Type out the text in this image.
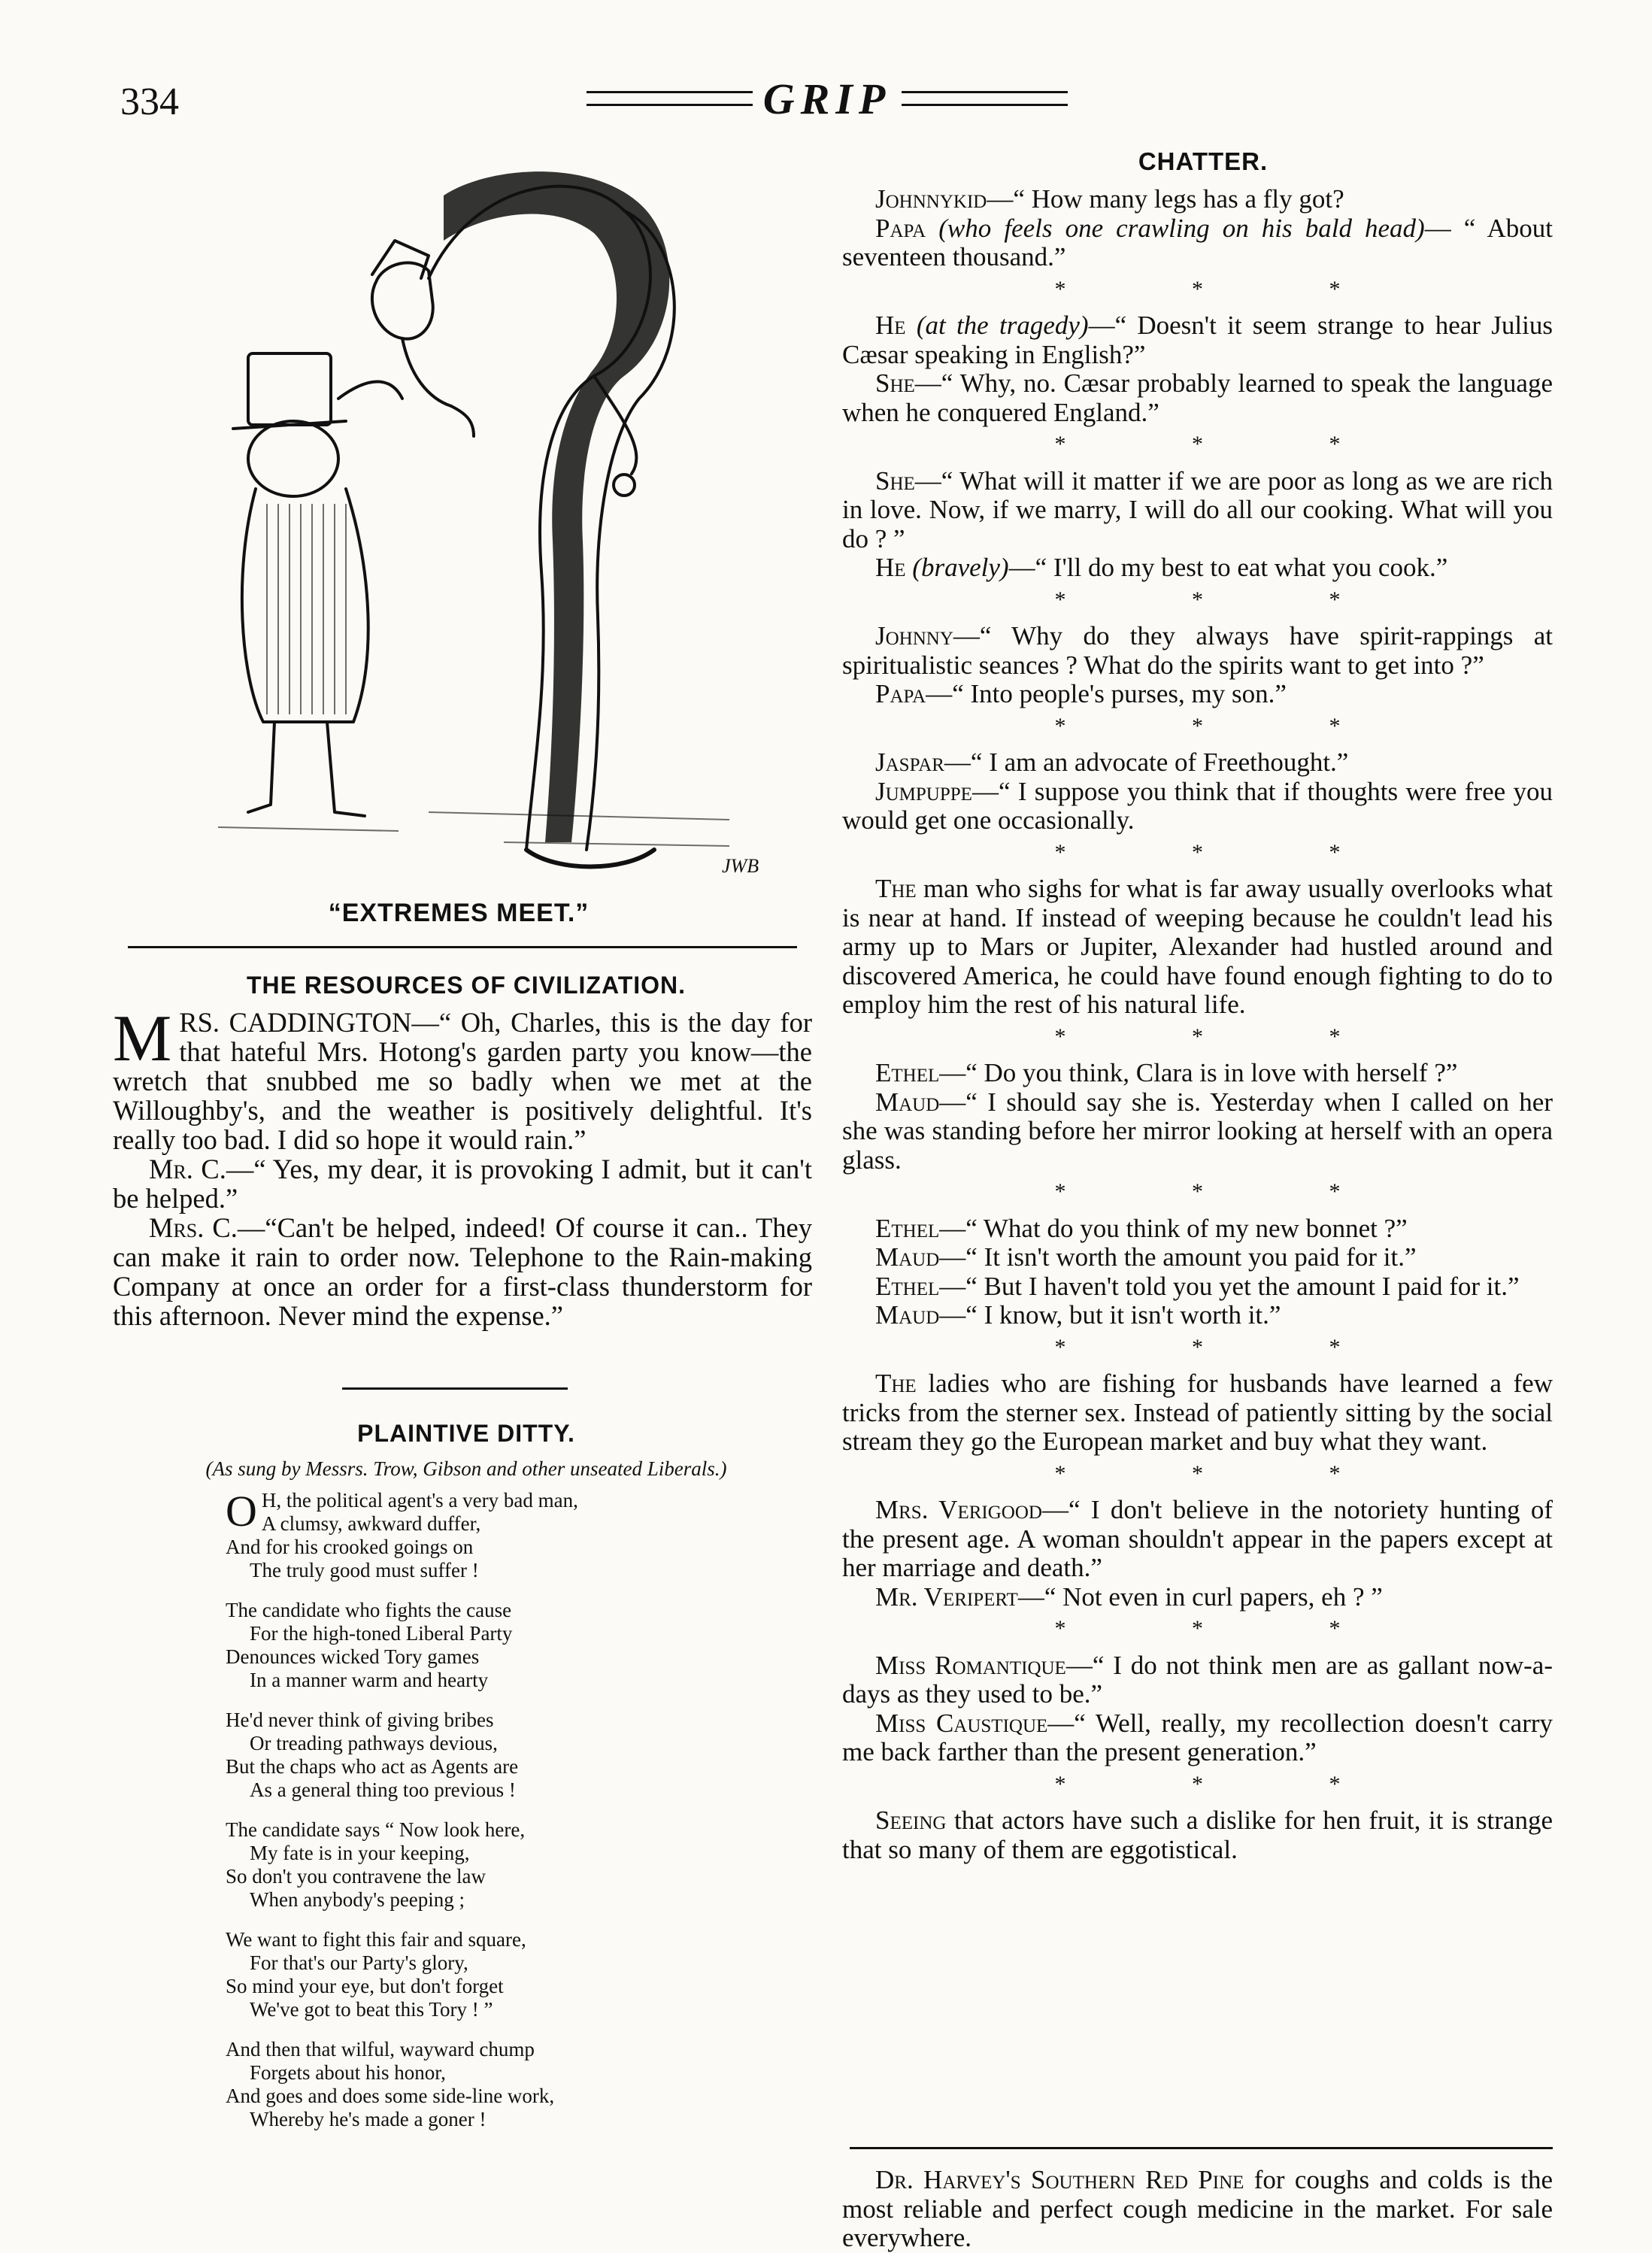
334	GRIP
JWB
“EXTREMES MEET.”
THE RESOURCES OF CIVILIZATION.

MRS. CADDINGTON—“ Oh, Charles, this is the day for that hateful Mrs. Hotong's garden party you know—the wretch that snubbed me so badly when we met at the Willoughby's, and the weather is positively delightful. It's really too bad. I did so hope it would rain.”

Mr. C.—“ Yes, my dear, it is provoking I admit, but it can't be helped.”

Mrs. C.—“Can't be helped, indeed! Of course it can.. They can make it rain to order now. Telephone to the Rain-making Company at once an order for a first-class thunderstorm for this afternoon. Never mind the expense.”

PLAINTIVE DITTY.
(As sung by Messrs. Trow, Gibson and other unseated Liberals.)
O H, the political agent's a very bad man,
A clumsy, awkward duffer,
And for his crooked goings on
The truly good must suffer !
The candidate who fights the cause
For the high-toned Liberal Party
Denounces wicked Tory games
In a manner warm and hearty
He'd never think of giving bribes
Or treading pathways devious,
But the chaps who act as Agents are
As a general thing too previous !
The candidate says “ Now look here,
My fate is in your keeping,
So don't you contravene the law
When anybody's peeping ;
We want to fight this fair and square,
For that's our Party's glory,
So mind your eye, but don't forget
We've got to beat this Tory ! ”
And then that wilful, wayward chump
Forgets about his honor,
And goes and does some side-line work,
Whereby he's made a goner !
CHATTER.

Johnnykid—“ How many legs has a fly got?

Papa (who feels one crawling on his bald head)— “ About seventeen thousand.”

* * *

He (at the tragedy)—“ Doesn't it seem strange to hear Julius Cæsar speaking in English?”

She—“ Why, no. Cæsar probably learned to speak the language when he conquered England.”

* * *

She—“ What will it matter if we are poor as long as we are rich in love. Now, if we marry, I will do all our cooking. What will you do ? ”

He (bravely)—“ I'll do my best to eat what you cook.”

* * *

Johnny—“ Why do they always have spirit-rappings at spiritualistic seances ? What do the spirits want to get into ?”

Papa—“ Into people's purses, my son.”

* * *

Jaspar—“ I am an advocate of Freethought.”

Jumpuppe—“ I suppose you think that if thoughts were free you would get one occasionally.

* * *

The man who sighs for what is far away usually overlooks what is near at hand. If instead of weeping because he couldn't lead his army up to Mars or Jupiter, Alexander had hustled around and discovered America, he could have found enough fighting to do to employ him the rest of his natural life.

* * *

Ethel—“ Do you think, Clara is in love with herself ?”

Maud—“ I should say she is. Yesterday when I called on her she was standing before her mirror looking at herself with an opera glass.

* * *

Ethel—“ What do you think of my new bonnet ?”

Maud—“ It isn't worth the amount you paid for it.”

Ethel—“ But I haven't told you yet the amount I paid for it.”

Maud—“ I know, but it isn't worth it.”

* * *

The ladies who are fishing for husbands have learned a few tricks from the sterner sex. Instead of patiently sitting by the social stream they go the European market and buy what they want.

* * *

Mrs. Verigood—“ I don't believe in the notoriety hunting of the present age. A woman shouldn't appear in the papers except at her marriage and death.”

Mr. Veripert—“ Not even in curl papers, eh ? ”

* * *

Miss Romantique—“ I do not think men are as gallant now-a-days as they used to be.”

Miss Caustique—“ Well, really, my recollection doesn't carry me back farther than the present generation.”

* * *

Seeing that actors have such a dislike for hen fruit, it is strange that so many of them are eggotistical.

Dr. Harvey's Southern Red Pine for coughs and colds is the most reliable and perfect cough medicine in the market. For sale everywhere.
